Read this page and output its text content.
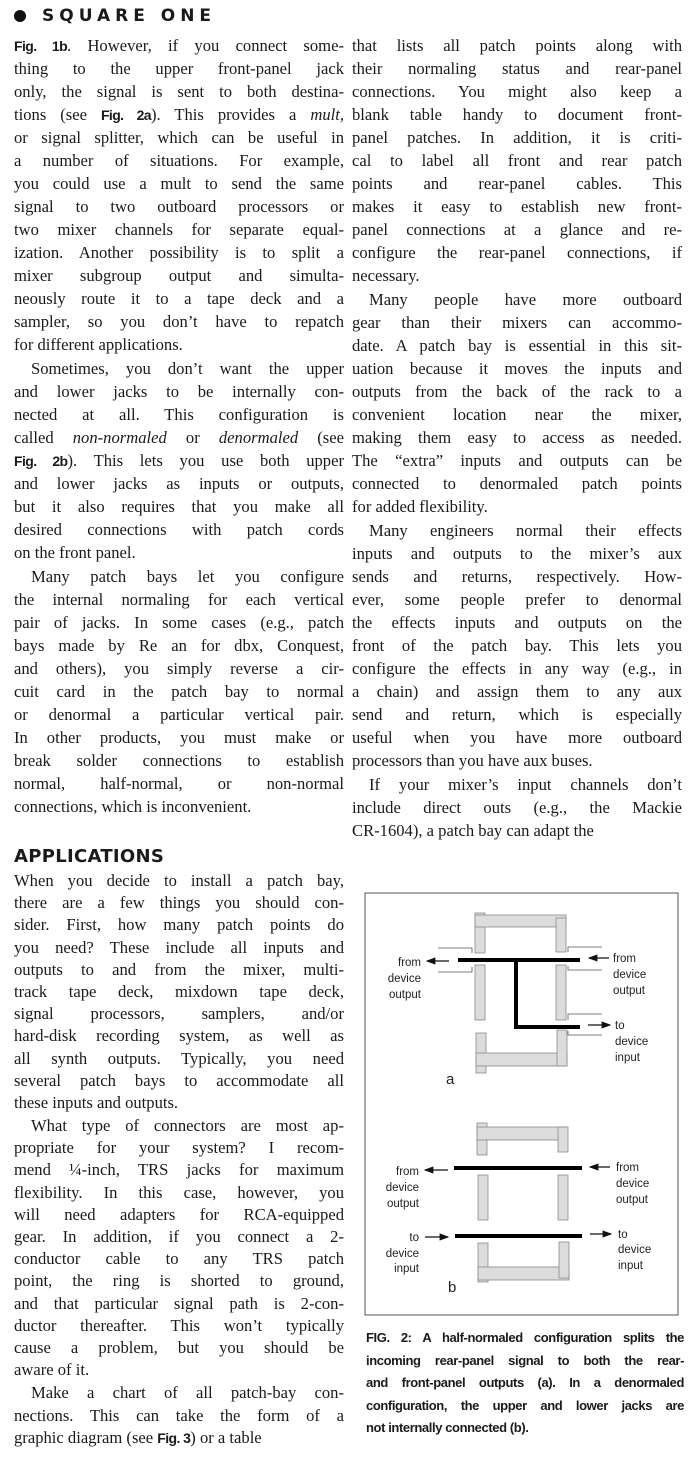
SQUARE ONE
Fig. 1b. However, if you connect some-
thing to the upper front-panel jack
only, the signal is sent to both destina-
tions (see Fig. 2a). This provides a mult,
or signal splitter, which can be useful in
a number of situations. For example,
you could use a mult to send the same
signal to two outboard processors or
two mixer channels for separate equal-
ization. Another possibility is to split a
mixer subgroup output and simulta-
neously route it to a tape deck and a
sampler, so you don’t have to repatch
for different applications.
Sometimes, you don’t want the upper
and lower jacks to be internally con-
nected at all. This configuration is
called non-normaled or denormaled (see
Fig. 2b). This lets you use both upper
and lower jacks as inputs or outputs,
but it also requires that you make all
desired connections with patch cords
on the front panel.
Many patch bays let you configure
the internal normaling for each vertical
pair of jacks. In some cases (e.g., patch
bays made by Re an for dbx, Conquest,
and others), you simply reverse a cir-
cuit card in the patch bay to normal
or denormal a particular vertical pair.
In other products, you must make or
break solder connections to establish
normal, half-normal, or non-normal
connections, which is inconvenient.
APPLICATIONS
When you decide to install a patch bay,
there are a few things you should con-
sider. First, how many patch points do
you need? These include all inputs and
outputs to and from the mixer, multi-
track tape deck, mixdown tape deck,
signal processors, samplers, and/or
hard-disk recording system, as well as
all synth outputs. Typically, you need
several patch bays to accommodate all
these inputs and outputs.
What type of connectors are most ap-
propriate for your system? I recom-
mend ¼-inch, TRS jacks for maximum
flexibility. In this case, however, you
will need adapters for RCA-equipped
gear. In addition, if you connect a 2-
conductor cable to any TRS patch
point, the ring is shorted to ground,
and that particular signal path is 2-con-
ductor thereafter. This won’t typically
cause a problem, but you should be
aware of it.
Make a chart of all patch-bay con-
nections. This can take the form of a
graphic diagram (see Fig. 3) or a table
that lists all patch points along with
their normaling status and rear-panel
connections. You might also keep a
blank table handy to document front-
panel patches. In addition, it is criti-
cal to label all front and rear patch
points and rear-panel cables. This
makes it easy to establish new front-
panel connections at a glance and re-
configure the rear-panel connections, if
necessary.
Many people have more outboard
gear than their mixers can accommo-
date. A patch bay is essential in this sit-
uation because it moves the inputs and
outputs from the back of the rack to a
convenient location near the mixer,
making them easy to access as needed.
The “extra” inputs and outputs can be
connected to denormaled patch points
for added flexibility.
Many engineers normal their effects
inputs and outputs to the mixer’s aux
sends and returns, respectively. How-
ever, some people prefer to denormal
the effects inputs and outputs on the
front of the patch bay. This lets you
configure the effects in any way (e.g., in
a chain) and assign them to any aux
send and return, which is especially
useful when you have more outboard
processors than you have aux buses.
If your mixer’s input channels don’t
include direct outs (e.g., the Mackie
CR-1604), a patch bay can adapt the
from
device
output
from
device
output
to
device
input
a
from
device
output
to
device
input
from
device
output
to
device
input
b
FIG. 2: A half-normaled configuration splits the
incoming rear-panel signal to both the rear-
and front-panel outputs (a). In a denormaled
configuration, the upper and lower jacks are
not internally connected (b).
